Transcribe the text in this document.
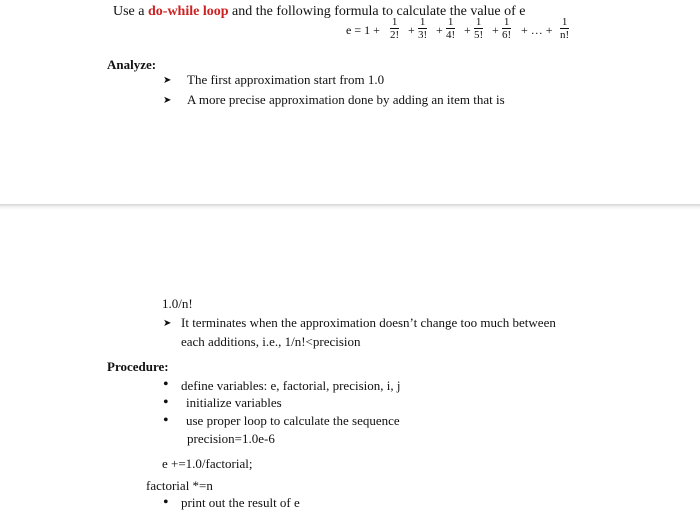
Use a do-while loop and the following formula to calculate the value of e
$e = 1 + \frac{1}{2!} + \frac{1}{3!} + \frac{1}{4!} + \frac{1}{5!} + \frac{1}{6!}$ + … + $\frac{1}{n!}$
Analyze:
➤ The first approximation start from 1.0
➤ A more precise approximation done by adding an item that is
1.0/n!
➤ It terminates when the approximation doesn’t change too much between
each additions, i.e., 1/n!<precision
Procedure:
• define variables: e, factorial, precision, i, j
• initialize variables
• use proper loop to calculate the sequence
precision=1.0e-6
e +=1.0/factorial;
factorial *=n
• print out the result of e
